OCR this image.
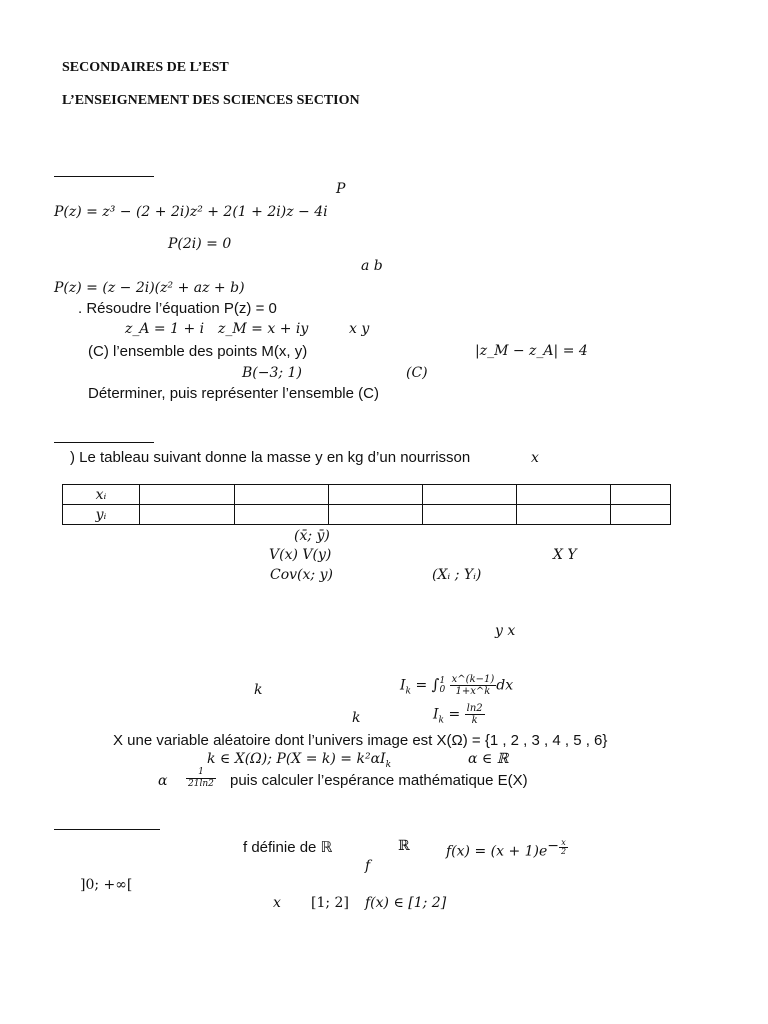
SECONDAIRES DE L’EST
L’ENSEIGNEMENT DES SCIENCES SECTION
P
P(z) = z³ − (2 + 2i)z² + 2(1 + 2i)z − 4i
P(2i) = 0
a b
P(z) = (z − 2i)(z² + az + b)
. Résoudre l’équation P(z) = 0
z_A = 1 + i z_M = x + iy	x y
(C) l’ensemble des points M(x, y)	|z_M − z_A| = 4
B(−3; 1)	(C)
Déterminer, puis représenter l’ensemble (C)
) Le tableau suivant donne la masse y en kg d’un nourrisson	x
xᵢ						
yᵢ						
(x̄; ȳ)
V(x) V(y)	X Y
Cov(x; y)	(Xᵢ ; Yᵢ)
y x
k	$I_k$ = ∫ 1
0
$\frac{x\^{}(k-1)}{1+x\^{}k}$ dx
k	$I_k = \frac{\ln 2}{k}$
X une variable aléatoire dont l’univers image est X(Ω) = {1 , 2 , 3 , 4 , 5 , 6}
k ∈ X(Ω); $P(X = k) = k^2\alpha I_k$	α ∈ ℝ
α $\frac{1}{21\ln 2}$ puis calculer l’espérance mathématique E(X)
f définie de ℝ	ℝ	$f(x) = (x + 1)e^{- \frac{x}{2}}$
f
]0; +∞[
x [1; 2] f(x) ∈ [1; 2]
